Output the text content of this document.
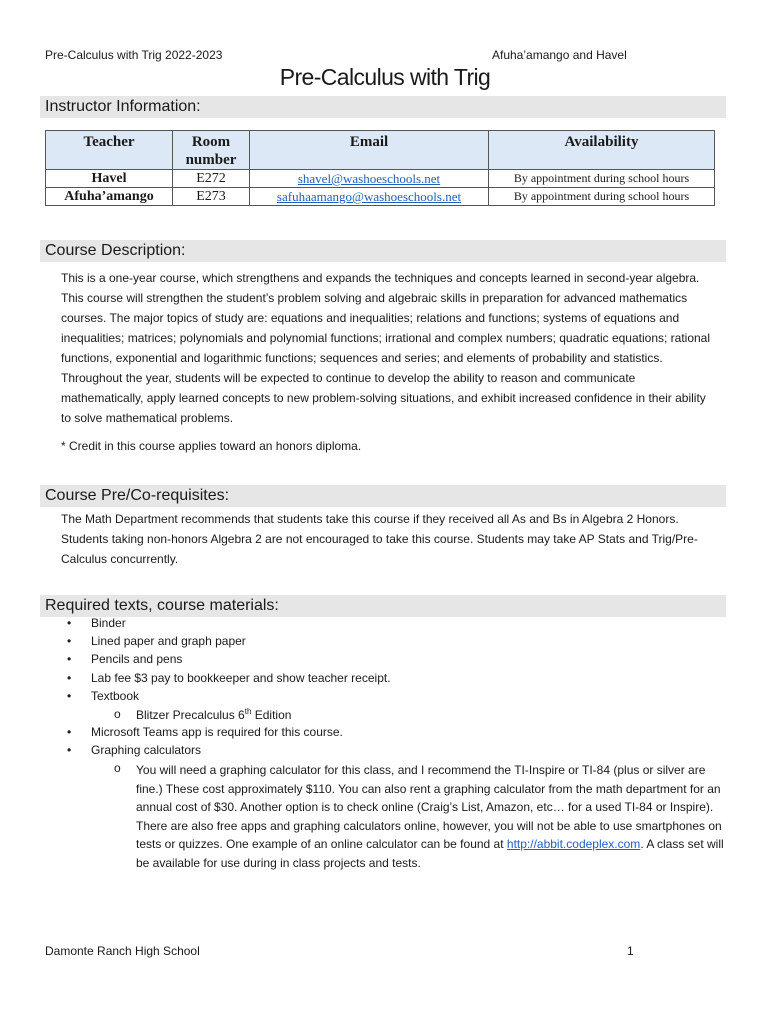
Pre-Calculus with Trig 2022-2023	Afuha’amango and Havel
Pre-Calculus with Trig
Instructor Information:
Teacher	Room number	Email	Availability
Havel	E272	shavel@washoeschools.net	By appointment during school hours
Afuha’amango	E273	safuhaamango@washoeschools.net	By appointment during school hours
Course Description:

This is a one-year course, which strengthens and expands the techniques and concepts learned in second-year algebra. This course will strengthen the student’s problem solving and algebraic skills in preparation for advanced mathematics courses. The major topics of study are: equations and inequalities; relations and functions; systems of equations and inequalities; matrices; polynomials and polynomial functions; irrational and complex numbers; quadratic equations; rational functions, exponential and logarithmic functions; sequences and series; and elements of probability and statistics. Throughout the year, students will be expected to continue to develop the ability to reason and communicate mathematically, apply learned concepts to new problem-solving situations, and exhibit increased confidence in their ability to solve mathematical problems.

* Credit in this course applies toward an honors diploma.

Course Pre/Co-requisites:

The Math Department recommends that students take this course if they received all As and Bs in Algebra 2 Honors. Students taking non-honors Algebra 2 are not encouraged to take this course. Students may take AP Stats and Trig/Pre-Calculus concurrently.

Required texts, course materials:
• Binder
• Lined paper and graph paper
• Pencils and pens
• Lab fee $3 pay to bookkeeper and show teacher receipt.
• Textbook
o Blitzer Precalculus 6th Edition
• Microsoft Teams app is required for this course.
• Graphing calculators
o You will need a graphing calculator for this class, and I recommend the TI-Inspire or TI-84 (plus or silver are fine.) These cost approximately $110. You can also rent a graphing calculator from the math department for an annual cost of $30. Another option is to check online (Craig’s List, Amazon, etc… for a used TI-84 or Inspire). There are also free apps and graphing calculators online, however, you will not be able to use smartphones on tests or quizzes. One example of an online calculator can be found at http://abbit.codeplex.com. A class set will be available for use during in class projects and tests.

Damonte Ranch High School	1
